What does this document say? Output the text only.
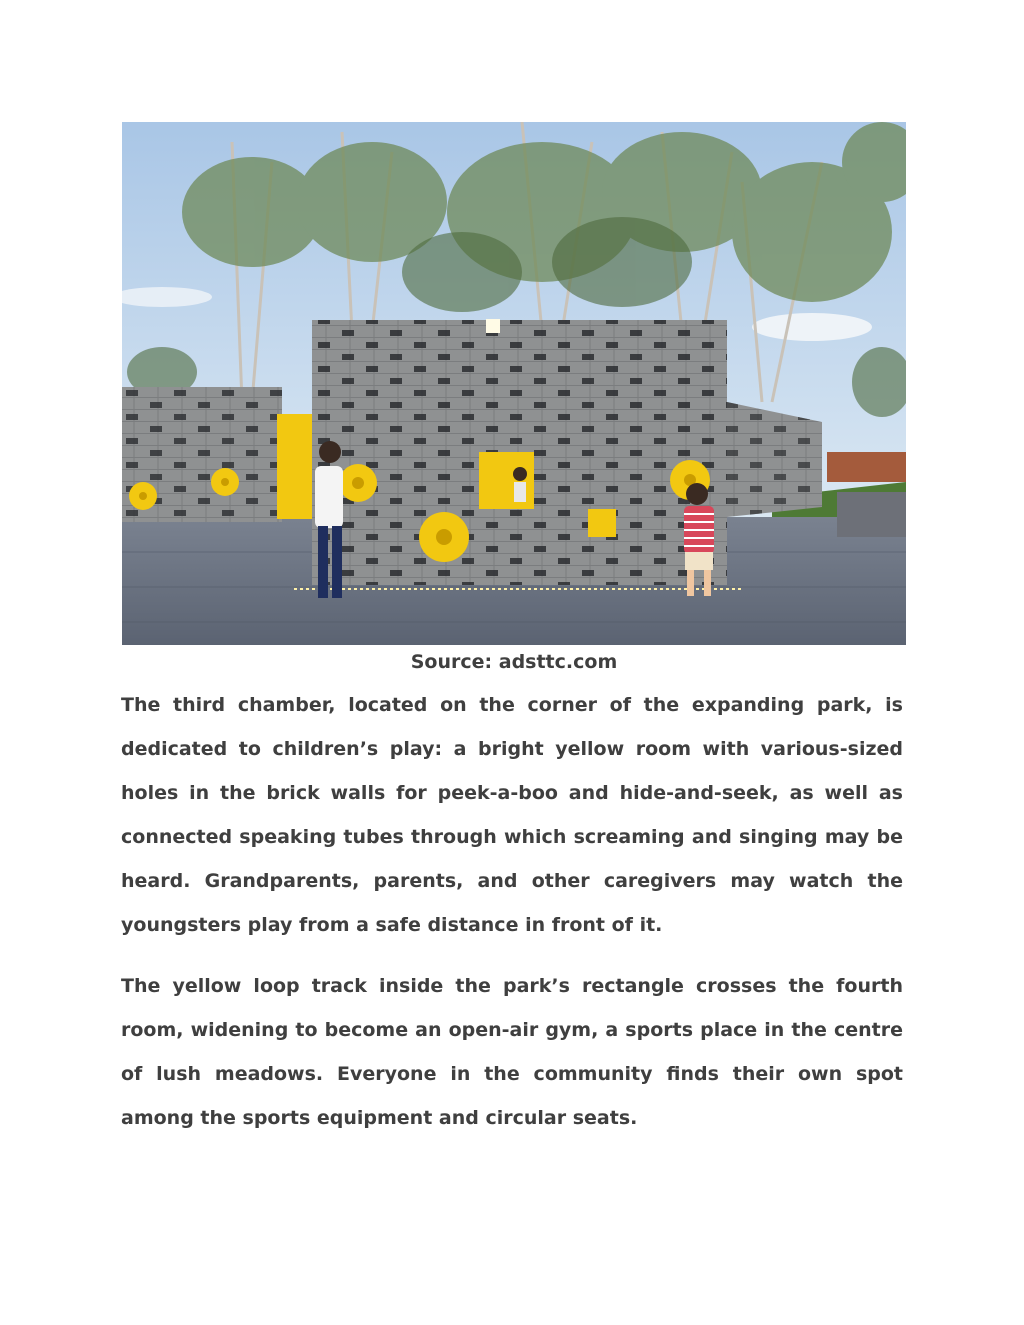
Source: adsttc.com

The third chamber, located on the corner of the expanding park, is dedicated to children’s play: a bright yellow room with various-sized holes in the brick walls for peek-a-boo and hide-and-seek, as well as connected speaking tubes through which screaming and singing may be heard. Grandparents, parents, and other caregivers may watch the youngsters play from a safe distance in front of it.

The yellow loop track inside the park’s rectangle crosses the fourth room, widening to become an open-air gym, a sports place in the centre of lush meadows. Everyone in the community finds their own spot among the sports equipment and circular seats.
